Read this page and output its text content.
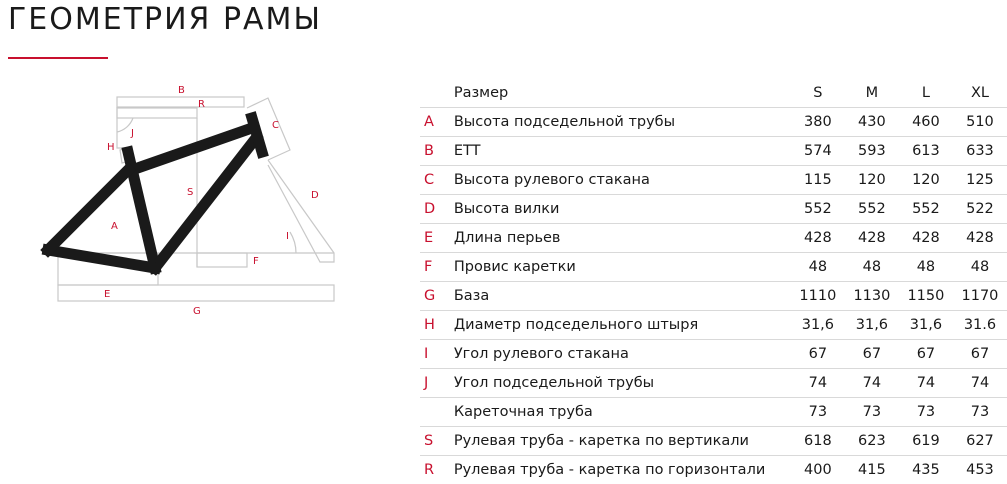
ГЕОМЕТРИЯ РАМЫ
B
R
C
J
H
S	D
A
I
F
E
G
	Размер	S	M	L	XL
A	Высота подседельной трубы	380	430	460	510
B	ETT	574	593	613	633
C	Высота рулевого стакана	115	120	120	125
D	Высота вилки	552	552	552	522
E	Длина перьев	428	428	428	428
F	Провис каретки	48	48	48	48
G	База	1110	1130	1150	1170
H	Диаметр подседельного штыря	31,6	31,6	31,6	31.6
I	Угол рулевого стакана	67	67	67	67
J	Угол подседельной трубы	74	74	74	74
	Кареточная труба	73	73	73	73
S	Рулевая труба - каретка по вертикали	618	623	619	627
R	Рулевая труба - каретка по горизонтали	400	415	435	453
